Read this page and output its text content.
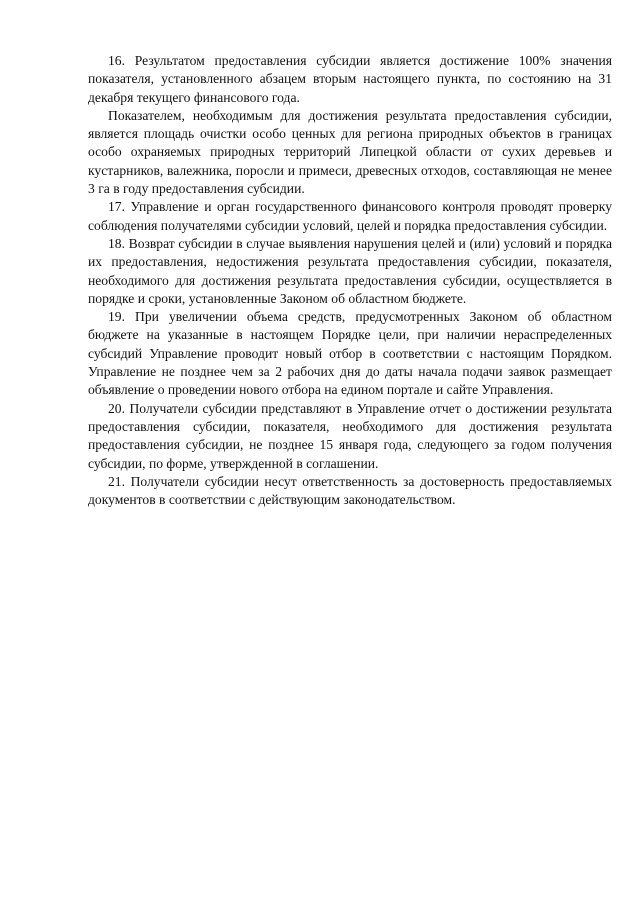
16. Результатом предоставления субсидии является достижение 100% значения показателя, установленного абзацем вторым настоящего пункта, по состоянию на 31 декабря текущего финансового года.

Показателем, необходимым для достижения результата предоставления субсидии, является площадь очистки особо ценных для региона природных объектов в границах особо охраняемых природных территорий Липецкой области от сухих деревьев и кустарников, валежника, поросли и примеси, древесных отходов, составляющая не менее 3 га в году предоставления субсидии.

17. Управление и орган государственного финансового контроля проводят проверку соблюдения получателями субсидии условий, целей и порядка предоставления субсидии.

18. Возврат субсидии в случае выявления нарушения целей и (или) условий и порядка их предоставления, недостижения результата предоставления субсидии, показателя, необходимого для достижения результата предоставления субсидии, осуществляется в порядке и сроки, установленные Законом об областном бюджете.

19. При увеличении объема средств, предусмотренных Законом об областном бюджете на указанные в настоящем Порядке цели, при наличии нераспределенных субсидий Управление проводит новый отбор в соответствии с настоящим Порядком. Управление не позднее чем за 2 рабочих дня до даты начала подачи заявок размещает объявление о проведении нового отбора на едином портале и сайте Управления.

20. Получатели субсидии представляют в Управление отчет о достижении результата предоставления субсидии, показателя, необходимого для достижения результата предоставления субсидии, не позднее 15 января года, следующего за годом получения субсидии, по форме, утвержденной в соглашении.

21. Получатели субсидии несут ответственность за достоверность предоставляемых документов в соответствии с действующим законодательством.
